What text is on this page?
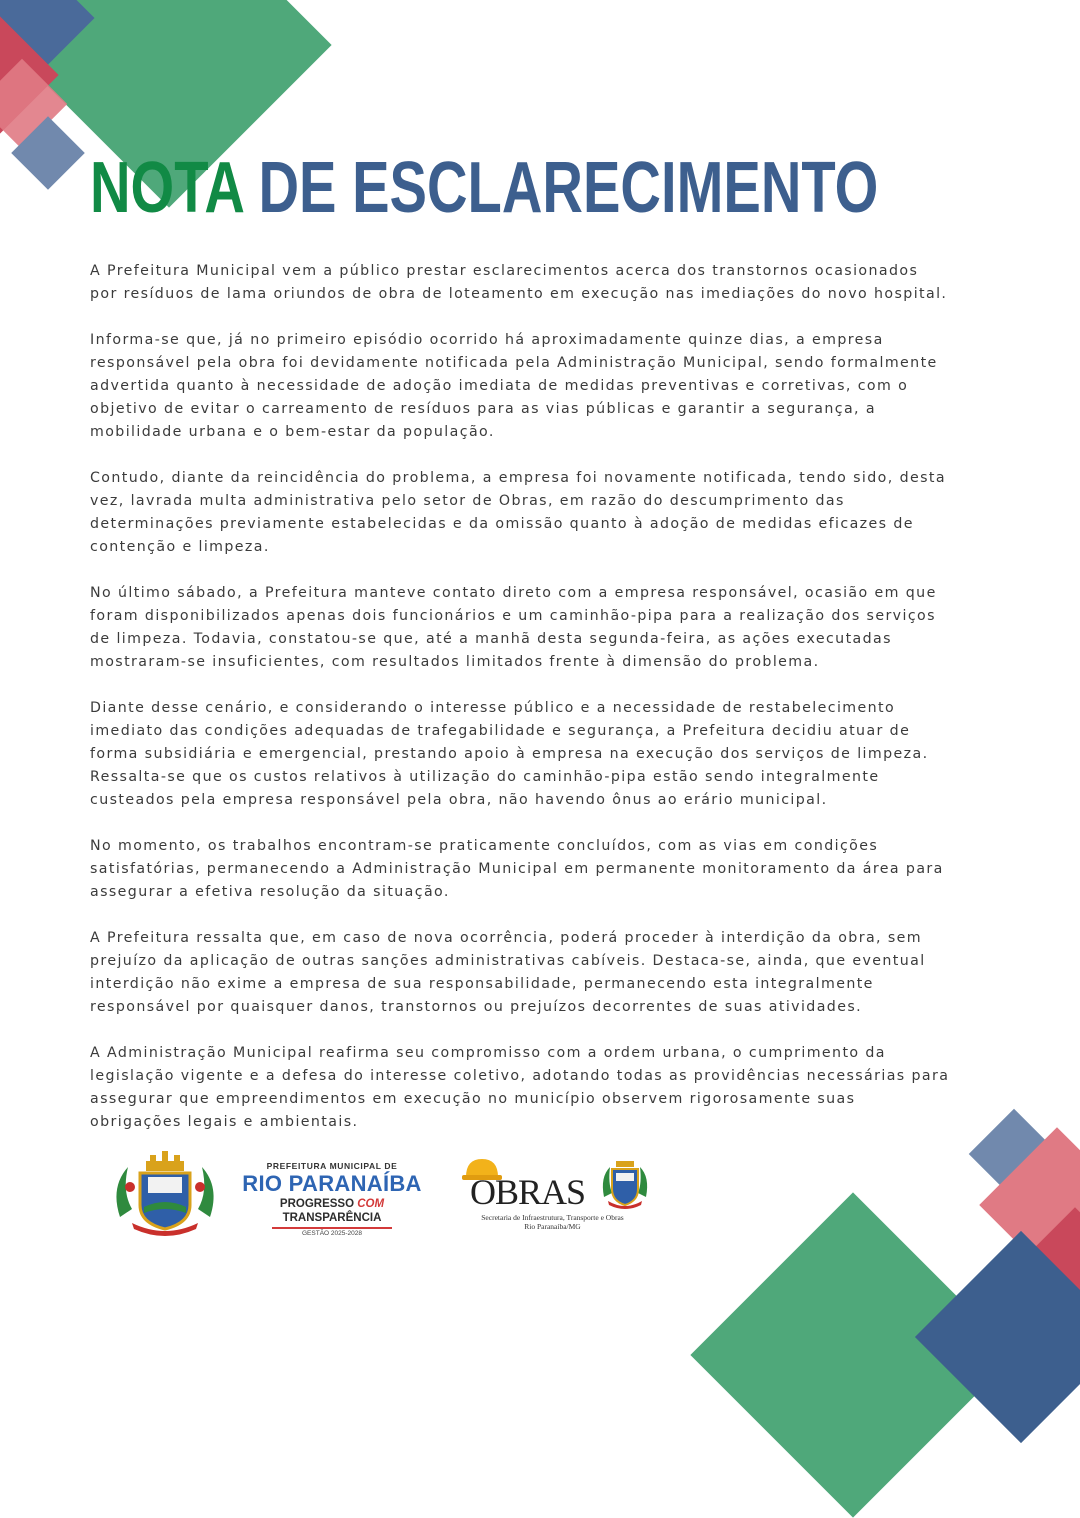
NOTA DE ESCLARECIMENTO

A Prefeitura Municipal vem a público prestar esclarecimentos acerca dos transtornos ocasionados por resíduos de lama oriundos de obra de loteamento em execução nas imediações do novo hospital.

Informa-se que, já no primeiro episódio ocorrido há aproximadamente quinze dias, a empresa responsável pela obra foi devidamente notificada pela Administração Municipal, sendo formalmente advertida quanto à necessidade de adoção imediata de medidas preventivas e corretivas, com o objetivo de evitar o carreamento de resíduos para as vias públicas e garantir a segurança, a mobilidade urbana e o bem-estar da população.

Contudo, diante da reincidência do problema, a empresa foi novamente notificada, tendo sido, desta vez, lavrada multa administrativa pelo setor de Obras, em razão do descumprimento das determinações previamente estabelecidas e da omissão quanto à adoção de medidas eficazes de contenção e limpeza.

No último sábado, a Prefeitura manteve contato direto com a empresa responsável, ocasião em que foram disponibilizados apenas dois funcionários e um caminhão-pipa para a realização dos serviços de limpeza. Todavia, constatou-se que, até a manhã desta segunda-feira, as ações executadas mostraram-se insuficientes, com resultados limitados frente à dimensão do problema.

Diante desse cenário, e considerando o interesse público e a necessidade de restabelecimento imediato das condições adequadas de trafegabilidade e segurança, a Prefeitura decidiu atuar de forma subsidiária e emergencial, prestando apoio à empresa na execução dos serviços de limpeza. Ressalta-se que os custos relativos à utilização do caminhão-pipa estão sendo integralmente custeados pela empresa responsável pela obra, não havendo ônus ao erário municipal.

No momento, os trabalhos encontram-se praticamente concluídos, com as vias em condições satisfatórias, permanecendo a Administração Municipal em permanente monitoramento da área para assegurar a efetiva resolução da situação.

A Prefeitura ressalta que, em caso de nova ocorrência, poderá proceder à interdição da obra, sem prejuízo da aplicação de outras sanções administrativas cabíveis. Destaca-se, ainda, que eventual interdição não exime a empresa de sua responsabilidade, permanecendo esta integralmente responsável por quaisquer danos, transtornos ou prejuízos decorrentes de suas atividades.

A Administração Municipal reafirma seu compromisso com a ordem urbana, o cumprimento da legislação vigente e a defesa do interesse coletivo, adotando todas as providências necessárias para assegurar que empreendimentos em execução no município observem rigorosamente suas obrigações legais e ambientais.

PREFEITURA MUNICIPAL DE
RIO PARANAÍBA
PROGRESSO COM TRANSPARÊNCIA
GESTÃO 2025-2028
OBRAS
Secretaria de Infraestrutura, Transporte e Obras
Rio Paranaíba/MG
